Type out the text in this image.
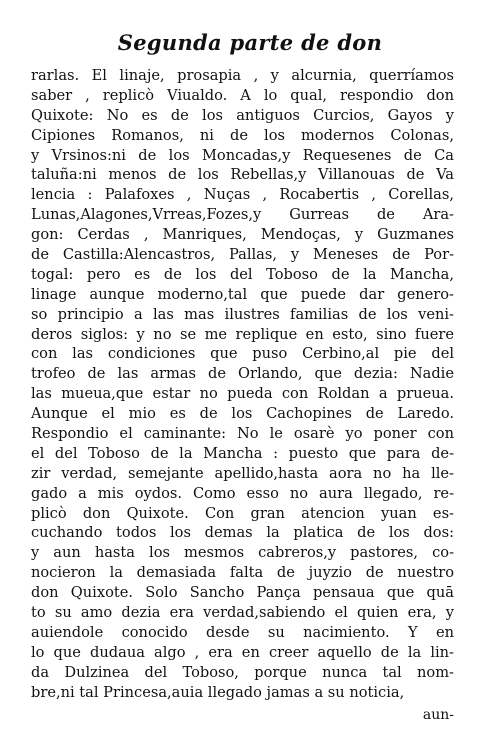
Segunda parte de don
rarlas. El linaje, prosapia , y alcurnia, querríamos
saber , replicò Viualdo. A lo qual, respondio don
Quixote: No es de los antiguos Curcios, Gayos y
Cipiones Romanos, ni de los modernos Colonas,
y Vrsinos:ni de los Moncadas,y Requesenes de Ca
taluña:ni menos de los Rebellas,y Villanouas de Va
lencia : Palafoxes , Nuças , Rocabertis , Corellas,
Lunas,Alagones,Vrreas,Fozes,y Gurreas de Ara-
gon: Cerdas , Manriques, Mendoças, y Guzmanes
de Castilla:Alencastros, Pallas, y Meneses de Por-
togal: pero es de los del Toboso de la Mancha,
linage aunque moderno,tal que puede dar genero-
so principio a las mas ilustres familias de los veni-
deros siglos: y no se me replique en esto, sino fuere
con las condiciones que puso Cerbino,al pie del
trofeo de las armas de Orlando, que dezia: Nadie
las mueua,que estar no pueda con Roldan a prueua.
Aunque el mio es de los Cachopines de Laredo.
Respondio el caminante: No le osarè yo poner con
el del Toboso de la Mancha : puesto que para de-
zir verdad, semejante apellido,hasta aora no ha lle-
gado a mis oydos. Como esso no aura llegado, re-
plicò don Quixote. Con gran atencion yuan es-
cuchando todos los demas la platica de los dos:
y aun hasta los mesmos cabreros,y pastores, co-
nocieron la demasiada falta de juyzio de nuestro
don Quixote. Solo Sancho Pança pensaua que quā
to su amo dezia era verdad,sabiendo el quien era, y
auiendole conocido desde su nacimiento. Y en
lo que dudaua algo , era en creer aquello de la lin-
da Dulzinea del Toboso, porque nunca tal nom-
bre,ni tal Princesa,auia llegado jamas a su noticia,
aun-
